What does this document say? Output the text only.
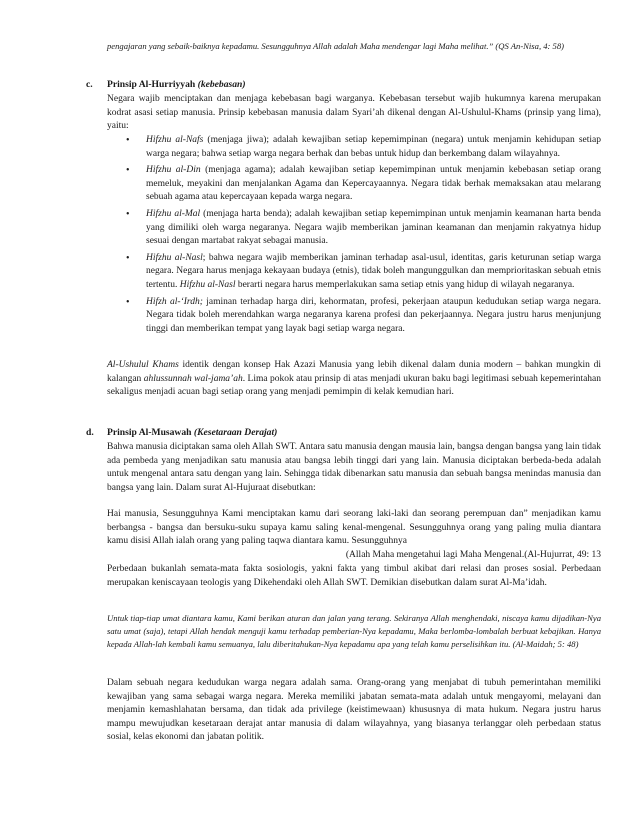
pengajaran yang sebaik-baiknya kepadamu. Sesungguhnya Allah adalah Maha mendengar lagi Maha melihat.” (QS An-Nisa, 4: 58)

c. Prinsip Al-Hurriyyah (kebebasan)

Negara wajib menciptakan dan menjaga kebebasan bagi warganya. Kebebasan tersebut wajib hukumnya karena merupakan kodrat asasi setiap manusia. Prinsip kebebasan manusia dalam Syari’ah dikenal dengan Al-Ushulul-Khams (prinsip yang lima), yaitu:

• Hifzhu al-Nafs (menjaga jiwa); adalah kewajiban setiap kepemimpinan (negara) untuk menjamin kehidupan setiap warga negara; bahwa setiap warga negara berhak dan bebas untuk hidup dan berkembang dalam wilayahnya.
• Hifzhu al-Din (menjaga agama); adalah kewajiban setiap kepemimpinan untuk menjamin kebebasan setiap orang memeluk, meyakini dan menjalankan Agama dan Kepercayaannya. Negara tidak berhak memaksakan atau melarang sebuah agama atau kepercayaan kepada warga negara.
• Hifzhu al-Mal (menjaga harta benda); adalah kewajiban setiap kepemimpinan untuk menjamin keamanan harta benda yang dimiliki oleh warga negaranya. Negara wajib memberikan jaminan keamanan dan menjamin rakyatnya hidup sesuai dengan martabat rakyat sebagai manusia.
• Hifzhu al-Nasl; bahwa negara wajib memberikan jaminan terhadap asal-usul, identitas, garis keturunan setiap warga negara. Negara harus menjaga kekayaan budaya (etnis), tidak boleh mangunggulkan dan memprioritaskan sebuah etnis tertentu. Hifzhu al-Nasl berarti negara harus memperlakukan sama setiap etnis yang hidup di wilayah negaranya.
• Hifzh al-‘Irdh; jaminan terhadap harga diri, kehormatan, profesi, pekerjaan ataupun kedudukan setiap warga negara. Negara tidak boleh merendahkan warga negaranya karena profesi dan pekerjaannya. Negara justru harus menjunjung tinggi dan memberikan tempat yang layak bagi setiap warga negara.

Al-Ushulul Khams identik dengan konsep Hak Azazi Manusia yang lebih dikenal dalam dunia modern – bahkan mungkin di kalangan ahlussunnah wal-jama’ah. Lima pokok atau prinsip di atas menjadi ukuran baku bagi legitimasi sebuah kepemerintahan sekaligus menjadi acuan bagi setiap orang yang menjadi pemimpin di kelak kemudian hari.

d. Prinsip Al-Musawah (Kesetaraan Derajat)

Bahwa manusia diciptakan sama oleh Allah SWT. Antara satu manusia dengan mausia lain, bangsa dengan bangsa yang lain tidak ada pembeda yang menjadikan satu manusia atau bangsa lebih tinggi dari yang lain. Manusia diciptakan berbeda-beda adalah untuk mengenal antara satu dengan yang lain. Sehingga tidak dibenarkan satu manusia dan sebuah bangsa menindas manusia dan bangsa yang lain. Dalam surat Al-Hujuraat disebutkan:

Hai manusia, Sesungguhnya Kami menciptakan kamu dari seorang laki-laki dan seorang perempuan dan” menjadikan kamu berbangsa - bangsa dan bersuku-suku supaya kamu saling kenal-mengenal. Sesungguhnya orang yang paling mulia diantara kamu disisi Allah ialah orang yang paling taqwa diantara kamu. Sesungguhnya

(Allah Maha mengetahui lagi Maha Mengenal.(Al-Hujurrat, 49: 13

Perbedaan bukanlah semata-mata fakta sosiologis, yakni fakta yang timbul akibat dari relasi dan proses sosial. Perbedaan merupakan keniscayaan teologis yang Dikehendaki oleh Allah SWT. Demikian disebutkan dalam surat Al-Ma’idah.

Untuk tiap-tiap umat diantara kamu, Kami berikan aturan dan jalan yang terang. Sekiranya Allah menghendaki, niscaya kamu dijadikan-Nya satu umat (saja), tetapi Allah hendak menguji kamu terhadap pemberian-Nya kepadamu, Maka berlomba-lombalah berbuat kebajikan. Hanya kepada Allah-lah kembali kamu semuanya, lalu diberitahukan-Nya kepadamu apa yang telah kamu perselisihkan itu. (Al-Maidah; 5: 48)

Dalam sebuah negara kedudukan warga negara adalah sama. Orang-orang yang menjabat di tubuh pemerintahan memiliki kewajiban yang sama sebagai warga negara. Mereka memiliki jabatan semata-mata adalah untuk mengayomi, melayani dan menjamin kemashlahatan bersama, dan tidak ada privilege (keistimewaan) khususnya di mata hukum. Negara justru harus mampu mewujudkan kesetaraan derajat antar manusia di dalam wilayahnya, yang biasanya terlanggar oleh perbedaan status sosial, kelas ekonomi dan jabatan politik.
